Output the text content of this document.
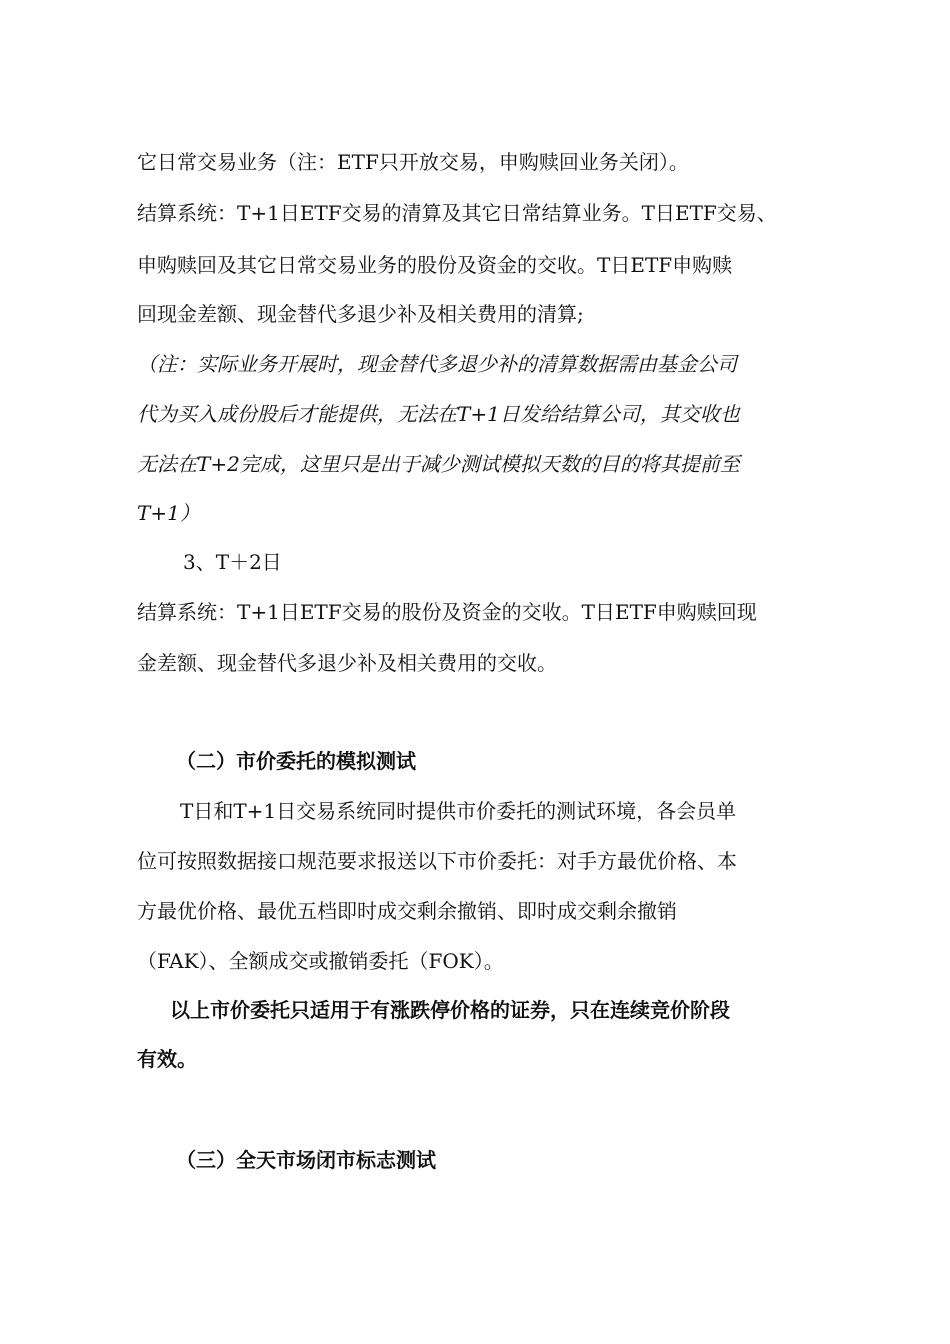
它日常交易业务（注：ETF只开放交易，申购赎回业务关闭）。
结算系统：T+1日ETF交易的清算及其它日常结算业务。T日ETF交易、
申购赎回及其它日常交易业务的股份及资金的交收。T日ETF申购赎
回现金差额、现金替代多退少补及相关费用的清算;
（注：实际业务开展时，现金替代多退少补的清算数据需由基金公司
代为买入成份股后才能提供，无法在T+1日发给结算公司，其交收也
无法在T+2完成，这里只是出于减少测试模拟天数的目的将其提前至
T+1）
3、T＋2日
结算系统：T+1日ETF交易的股份及资金的交收。T日ETF申购赎回现
金差额、现金替代多退少补及相关费用的交收。
（二）市价委托的模拟测试
T日和T+1日交易系统同时提供市价委托的测试环境，各会员单
位可按照数据接口规范要求报送以下市价委托：对手方最优价格、本
方最优价格、最优五档即时成交剩余撤销、即时成交剩余撤销
（FAK）、全额成交或撤销委托（FOK）。
以上市价委托只适用于有涨跌停价格的证券，只在连续竞价阶段
有效。
（三）全天市场闭市标志测试
